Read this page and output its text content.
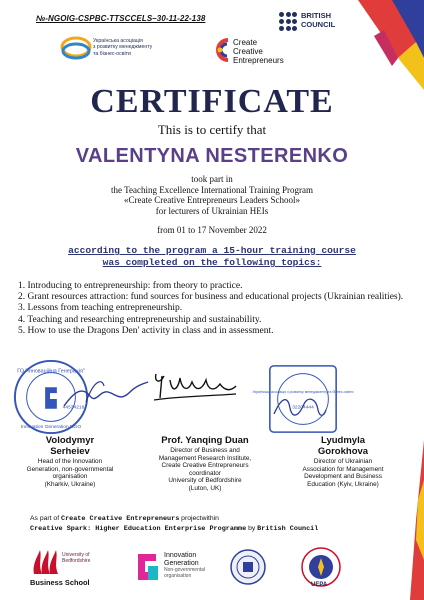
№-NGOIG-CSPBC-TTSCCELS–30-11-22-138	BRITISH
COUNCIL
Українська асоціація
з розвитку менеджменту
та бізнес-освіти
Create
Creative
Entrepreneurs
CERTIFICATE
This is to certify that
VALENTYNA NESTERENKO
took part in
the Teaching Excellence International Training Program
«Create Creative Entrepreneurs Leaders School»
for lecturers of Ukrainian HEIs
from 01 to 17 November 2022
according to the program a 15-hour training course
was completed on the following topics:
1. Introducing to entrepreneurship: from theory to practice.
2. Grant resources attraction: fund sources for business and educational projects (Ukrainian realities).
3. Lessons from teaching entrepreneurship.
4. Teaching and researching entrepreneurship and sustainability.
5. How to use the Dragons Den' activity in class and in assessment.
ГО "Інноваційна Генерація"
Innovation Generation NGO
44534216
Українська асоціація з розвитку менеджменту та бізнес-освіти
32204444
Volodymyr
Serheiev
Head of the Innovation
Generation, non-governmental
organisation
(Kharkiv, Ukraine)
Prof. Yanqing Duan
Director of Business and
Management Research Institute,
Create Creative Entrepreneurs
coordinator
University of Bedfordshire
(Luton, UK)
Lyudmyla
Gorokhova
Director of Ukrainian
Association for Management
Development and Business
Education (Kyiv, Ukraine)
As part of Create Creative Entrepreneurs projectwithin
Creative Spark: Higher Education Enterprise Programme by British Council
University of
Bedfordshire
Business School
Innovation
Generation
Non-governmental
organisation
UEPA
